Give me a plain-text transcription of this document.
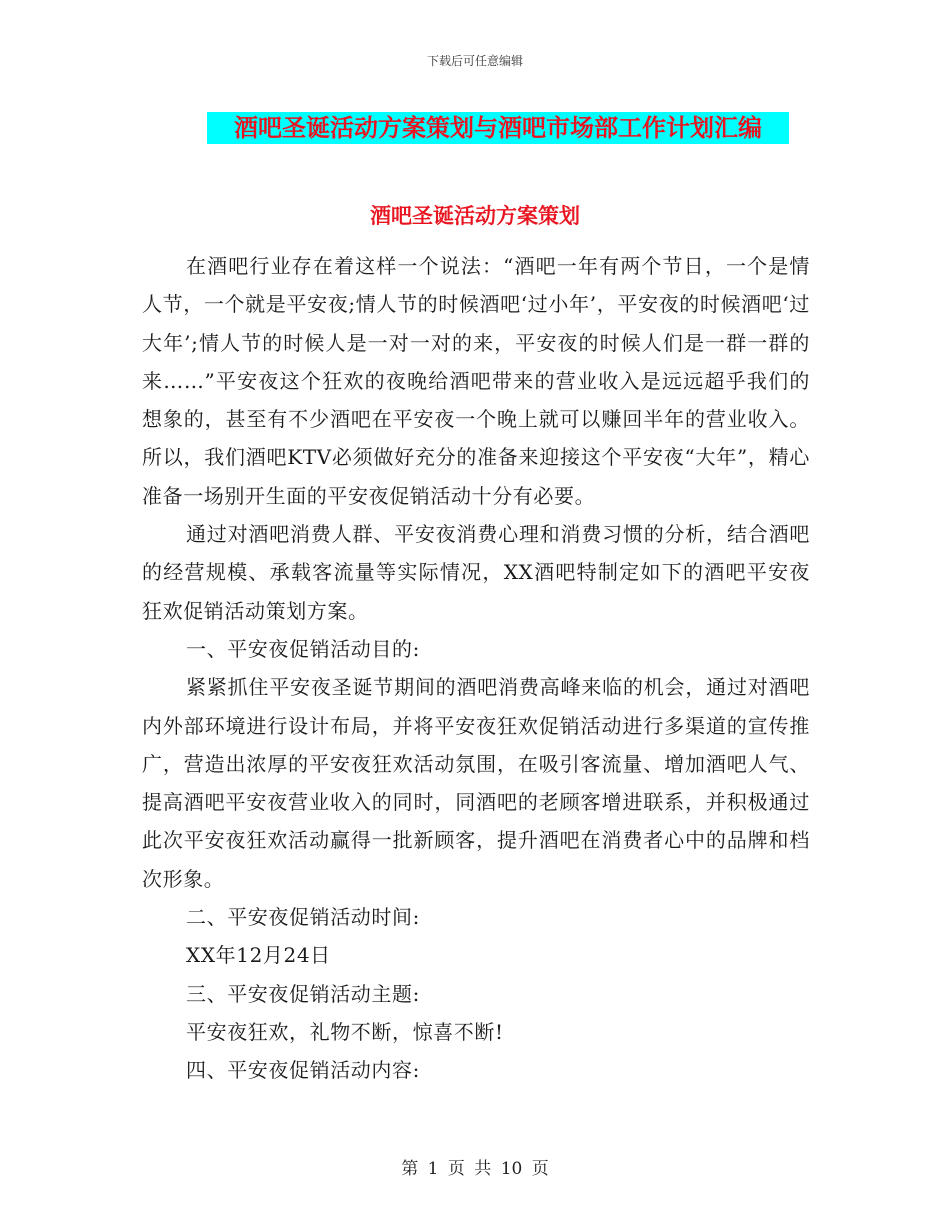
下载后可任意编辑
酒吧圣诞活动方案策划与酒吧市场部工作计划汇编
酒吧圣诞活动方案策划

在酒吧行业存在着这样一个说法：“酒吧一年有两个节日，一个是情人节，一个就是平安夜;情人节的时候酒吧‘过小年’，平安夜的时候酒吧‘过大年’;情人节的时候人是一对一对的来，平安夜的时候人们是一群一群的来……”平安夜这个狂欢的夜晚给酒吧带来的营业收入是远远超乎我们的想象的，甚至有不少酒吧在平安夜一个晚上就可以赚回半年的营业收入。所以，我们酒吧KTV必须做好充分的准备来迎接这个平安夜“大年”，精心准备一场别开生面的平安夜促销活动十分有必要。

通过对酒吧消费人群、平安夜消费心理和消费习惯的分析，结合酒吧的经营规模、承载客流量等实际情况，XX酒吧特制定如下的酒吧平安夜狂欢促销活动策划方案。

一、平安夜促销活动目的:

紧紧抓住平安夜圣诞节期间的酒吧消费高峰来临的机会，通过对酒吧内外部环境进行设计布局，并将平安夜狂欢促销活动进行多渠道的宣传推广，营造出浓厚的平安夜狂欢活动氛围，在吸引客流量、增加酒吧人气、提高酒吧平安夜营业收入的同时，同酒吧的老顾客增进联系，并积极通过此次平安夜狂欢活动赢得一批新顾客，提升酒吧在消费者心中的品牌和档次形象。

二、平安夜促销活动时间:

XX年12月24日

三、平安夜促销活动主题:

平安夜狂欢，礼物不断，惊喜不断!

四、平安夜促销活动内容:

第 1 页 共 10 页
